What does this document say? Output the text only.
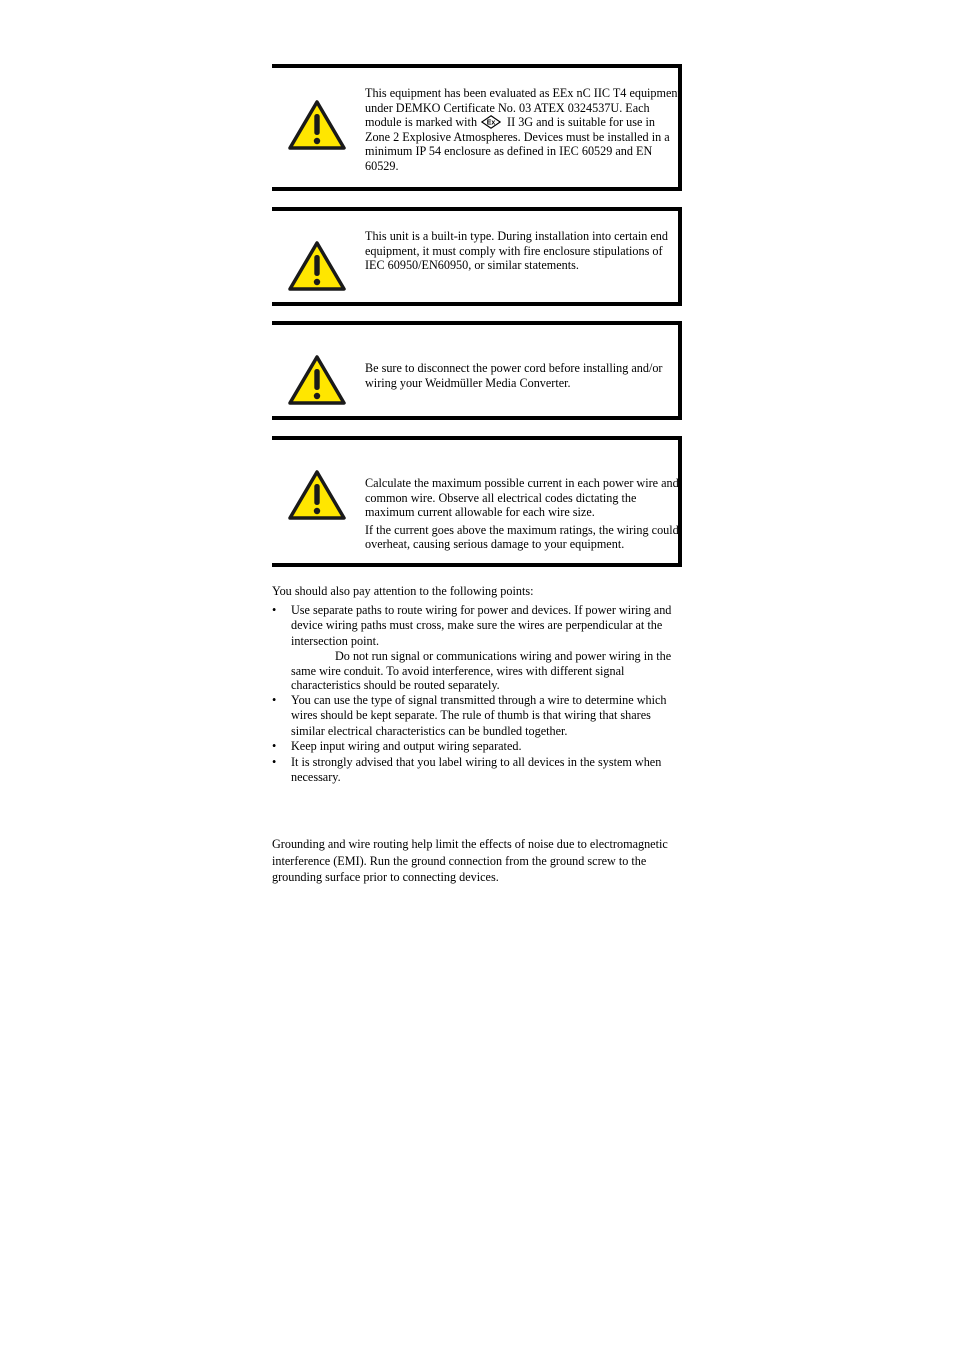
This equipment has been evaluated as EEx nC IIC T4 equipment under DEMKO Certificate No. 03 ATEX 0324537U. Each module is marked with Ex II 3G and is suitable for use in Zone 2 Explosive Atmospheres. Devices must be installed in a minimum IP 54 enclosure as defined in IEC 60529 and EN 60529.

This unit is a built-in type. During installation into certain end equipment, it must comply with fire enclosure stipulations of IEC 60950/EN60950, or similar statements.

Be sure to disconnect the power cord before installing and/or wiring your Weidmüller Media Converter.

Calculate the maximum possible current in each power wire and common wire. Observe all electrical codes dictating the maximum current allowable for each wire size.

If the current goes above the maximum ratings, the wiring could overheat, causing serious damage to your equipment.

You should also pay attention to the following points:

• Use separate paths to route wiring for power and devices. If power wiring and device wiring paths must cross, make sure the wires are perpendicular at the intersection point.

Do not run signal or communications wiring and power wiring in the same wire conduit. To avoid interference, wires with different signal characteristics should be routed separately.

• You can use the type of signal transmitted through a wire to determine which wires should be kept separate. The rule of thumb is that wiring that shares similar electrical characteristics can be bundled together.
• Keep input wiring and output wiring separated.
• It is strongly advised that you label wiring to all devices in the system when necessary.

Grounding and wire routing help limit the effects of noise due to electromagnetic interference (EMI). Run the ground connection from the ground screw to the grounding surface prior to connecting devices.
